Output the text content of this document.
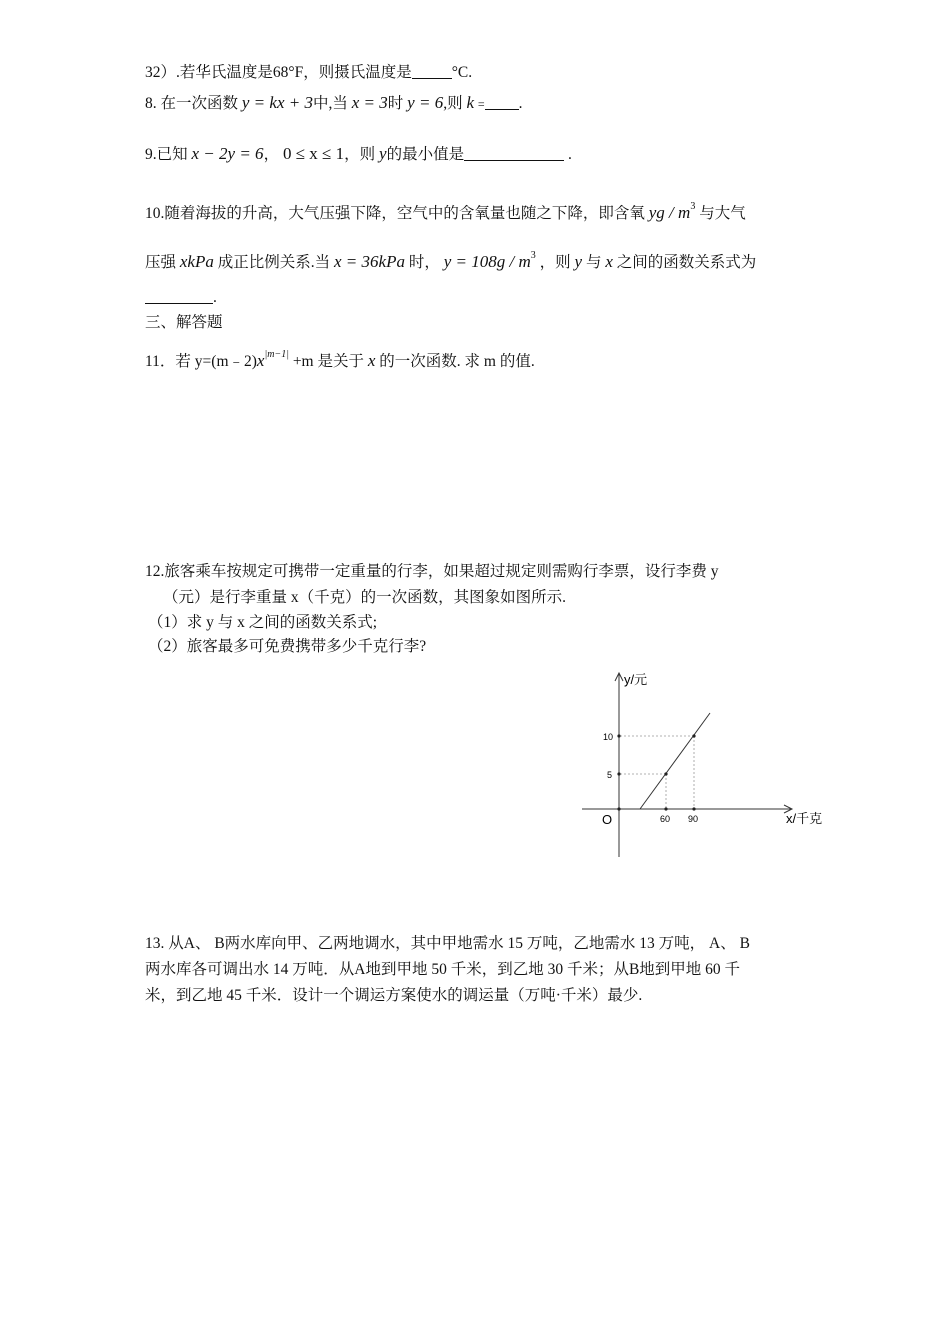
32）.若华氏温度是68°F，则摄氏温度是	°C.
8. 在一次函数 y = kx + 3中,当 x = 3时 y = 6,则 k = .
9.已知 x − 2y = 6， 0 ≤ x ≤ 1，则 y的最小值是	.
10.随着海拔的升高，大气压强下降，空气中的含氧量也随之下降，即含氧 yg / $m^3$ 与大气
压强 xkPa 成正比例关系.当 x = 36kPa 时， $y = 108g / m^3$ ，则 y 与 x 之间的函数关系式为
.
三、解答题
11．若 $y=(m﹣2)x^{|m-1|} +m$ 是关于 x 的一次函数. 求 m 的值.
12.旅客乘车按规定可携带一定重量的行李，如果超过规定则需购行李票，设行李费 y
（元）是行李重量 x（千克）的一次函数，其图象如图所示.
（1）求 y 与 x 之间的函数关系式;
（2）旅客最多可免费携带多少千克行李?
y/元
x/千克
O
10
5
60 90
13. 从A、 B两水库向甲、乙两地调水，其中甲地需水 15 万吨，乙地需水 13 万吨， A、 B
两水库各可调出水 14 万吨．从A地到甲地 50 千米，到乙地 30 千米；从B地到甲地 60 千
米，到乙地 45 千米．设计一个调运方案使水的调运量（万吨·千米）最少.
